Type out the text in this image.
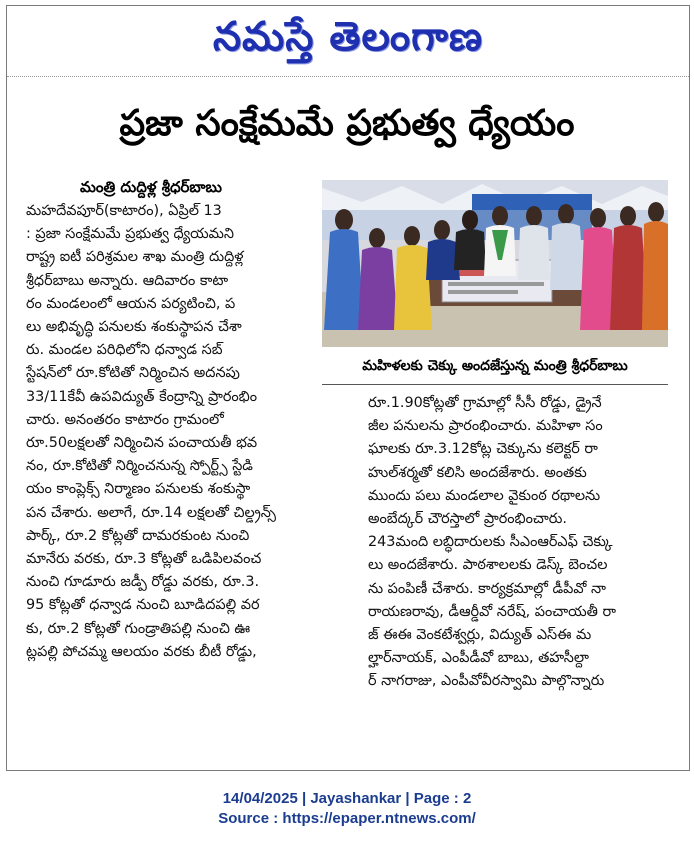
నమస్తే తెలంగాణ
ప్రజా సంక్షేమమే ప్రభుత్వ ధ్యేయం
మంత్రి దుద్దిళ్ల శ్రీధర్‌బాబు
మహదేవపూర్(కాటారం), ఏప్రిల్ 13
: ప్రజా సంక్షేమమే ప్రభుత్వ ధ్యేయమని
రాష్ట్ర ఐటీ పరిశ్రమల శాఖ మంత్రి దుద్దిళ్ల
శ్రీధర్‌బాబు అన్నారు. ఆదివారం కాటా
రం మండలంలో ఆయన పర్యటించి, ప
లు అభివృద్ధి పనులకు శంకుస్థాపన చేశా
రు. మండల పరిధిలోని ధన్వాడ సబ్
స్టేషన్‌లో రూ.కోటితో నిర్మించిన అదనపు
33/11కేవీ ఉపవిద్యుత్ కేంద్రాన్ని ప్రారంభిం
చారు. అనంతరం కాటారం గ్రామంలో
రూ.50లక్షలతో నిర్మించిన పంచాయతీ భవ
నం, రూ.కోటితో నిర్మించనున్న స్పోర్ట్స్ స్టేడి
యం కాంప్లెక్స్ నిర్మాణం పనులకు శంకుస్థా
పన చేశారు. అలాగే, రూ.14 లక్షలతో చిల్డ్రన్స్
పార్క్, రూ.2 కోట్లతో దామరకుంట నుంచి
మానేరు వరకు, రూ.3 కోట్లతో ఒడిపిలవంచ
నుంచి గూడూరు జడ్పీ రోడ్డు వరకు, రూ.3.
95 కోట్లతో ధన్వాడ నుంచి బూడిదపల్లి వర
కు, రూ.2 కోట్లతో గుండ్రాతిపల్లి నుంచి ఊ
ట్లపల్లి పోచమ్మ ఆలయం వరకు బీటీ రోడ్డు,
మహిళలకు చెక్కు అందజేస్తున్న మంత్రి శ్రీధర్‌బాబు
రూ.1.90కోట్లతో గ్రామాల్లో సీసీ రోడ్డు, డ్రైనే
జీల పనులను ప్రారంభించారు. మహిళా సం
ఘాలకు రూ.3.12కోట్ల చెక్కును కలెక్టర్ రా
హుల్‌శర్మతో కలిసి అందజేశారు. అంతకు
ముందు పలు మండలాల వైకుంఠ రథాలను
అంబేద్కర్ చౌరస్తాలో ప్రారంభించారు.
243మంది లబ్ధిదారులకు సీఎంఆర్‌ఎఫ్ చెక్కు
లు అందజేశారు. పాఠశాలలకు డెస్క్ బెంచల
ను పంపిణీ చేశారు. కార్యక్రమాల్లో డీపీవో నా
రాయణరావు, డీఆర్డీవో నరేష్, పంచాయతీ రా
జ్ ఈఈ వెంకటేశ్వర్లు, విద్యుత్ ఎస్ఈ మ
ల్హార్‌నాయక్, ఎంపీడీవో బాబు, తహసీల్దా
ర్ నాగరాజు, ఎంపీవోవీరస్వామి పాల్గొన్నారు
14/04/2025 | Jayashankar | Page : 2
Source : https://epaper.ntnews.com/
